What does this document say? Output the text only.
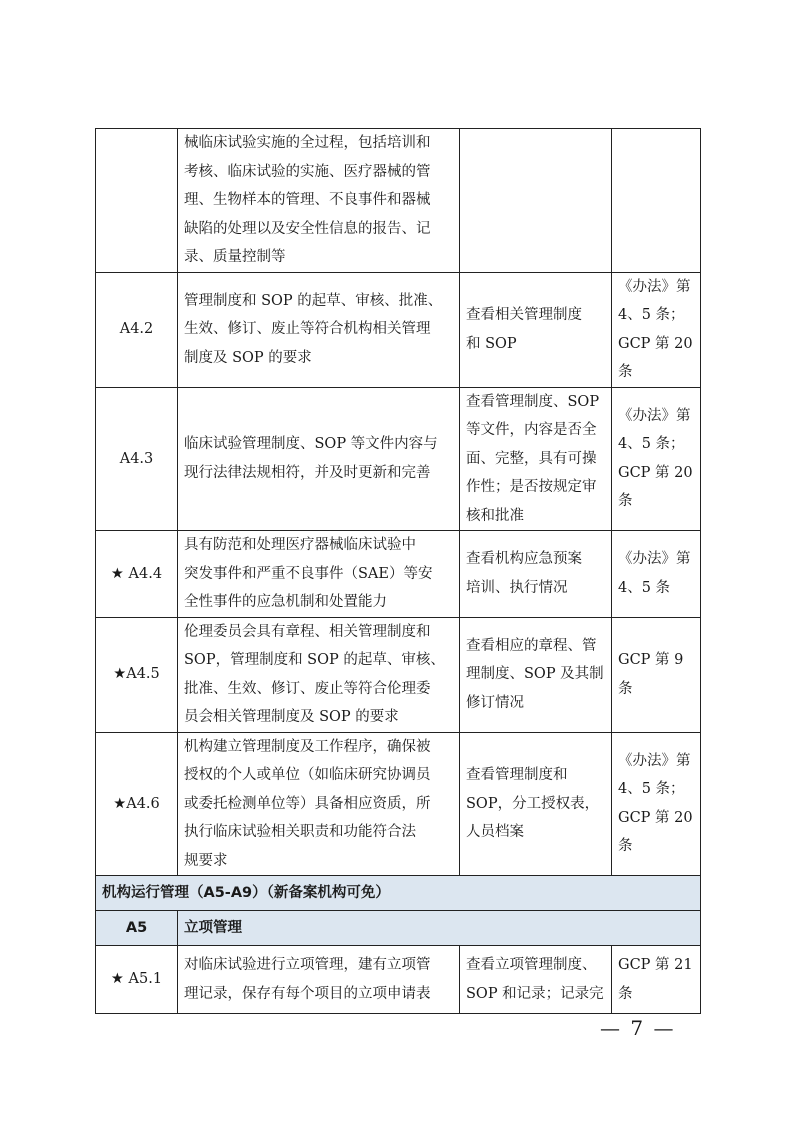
	械临床试验实施的全过程，包括培训和
考核、临床试验的实施、医疗器械的管
理、生物样本的管理、不良事件和器械
缺陷的处理以及安全性信息的报告、记
录、质量控制等		
A4.2	管理制度和 SOP 的起草、审核、批准、
生效、修订、废止等符合机构相关管理
制度及 SOP 的要求	查看相关管理制度
和 SOP	《办法》第
4、5 条；
GCP 第 20
条
A4.3	临床试验管理制度、SOP 等文件内容与
现行法律法规相符，并及时更新和完善	查看管理制度、SOP
等文件，内容是否全
面、完整，具有可操
作性；是否按规定审
核和批准	《办法》第
4、5 条；
GCP 第 20
条
★ A4.4	具有防范和处理医疗器械临床试验中
突发事件和严重不良事件（SAE）等安
全性事件的应急机制和处置能力	查看机构应急预案
培训、执行情况	《办法》第
4、5 条
★A4.5	伦理委员会具有章程、相关管理制度和
SOP，管理制度和 SOP 的起草、审核、
批准、生效、修订、废止等符合伦理委
员会相关管理制度及 SOP 的要求	查看相应的章程、管
理制度、SOP 及其制
修订情况	GCP 第 9
条
★A4.6	机构建立管理制度及工作程序，确保被
授权的个人或单位（如临床研究协调员
或委托检测单位等）具备相应资质，所
执行临床试验相关职责和功能符合法
规要求	查看管理制度和
SOP，分工授权表，
人员档案	《办法》第
4、5 条；
GCP 第 20
条
机构运行管理（A5-A9）（新备案机构可免）			
A5	立项管理		
★ A5.1	对临床试验进行立项管理，建有立项管
理记录，保存有每个项目的立项申请表	查看立项管理制度、
SOP 和记录；记录完	GCP 第 21
条
— 7 —
